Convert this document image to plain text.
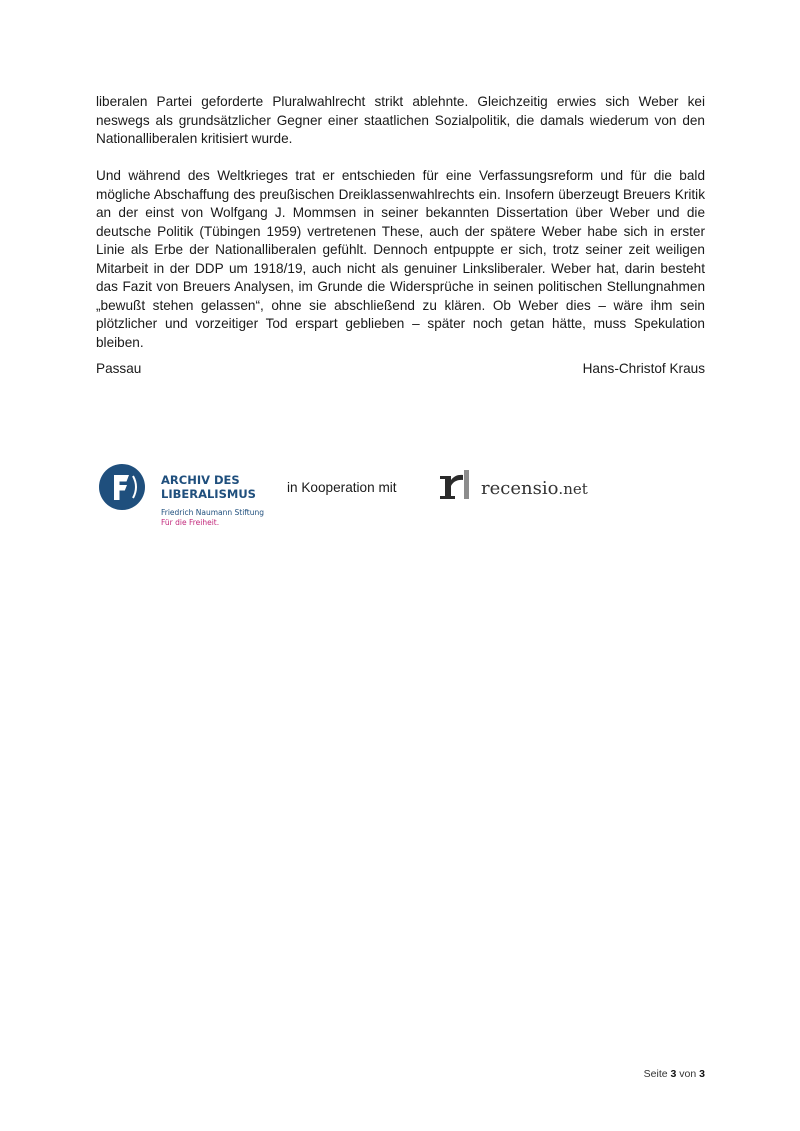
liberalen Partei geforderte Pluralwahlrecht strikt ablehnte. Gleichzeitig erwies sich Weber kei neswegs als grundsätzlicher Gegner einer staatlichen Sozialpolitik, die damals wiederum von den Nationalliberalen kritisiert wurde.

Und während des Weltkrieges trat er entschieden für eine Verfassungsreform und für die bald mögliche Abschaffung des preußischen Dreiklassenwahlrechts ein. Insofern überzeugt Breuers Kritik an der einst von Wolfgang J. Mommsen in seiner bekannten Dissertation über Weber und die deutsche Politik (Tübingen 1959) vertretenen These, auch der spätere Weber habe sich in erster Linie als Erbe der Nationalliberalen gefühlt. Dennoch entpuppte er sich, trotz seiner zeit weiligen Mitarbeit in der DDP um 1918/19, auch nicht als genuiner Linksliberaler. Weber hat, darin besteht das Fazit von Breuers Analysen, im Grunde die Widersprüche in seinen politischen Stellungnahmen „bewußt stehen gelassen“, ohne sie abschließend zu klären. Ob Weber dies – wäre ihm sein plötzlicher und vorzeitiger Tod erspart geblieben – später noch getan hätte, muss Spekulation bleiben.

Passau	Hans-Christof Kraus
ARCHIV DES
LIBERALISMUS
Friedrich Naumann Stiftung
Für die Freiheit.
in Kooperation mit	recensio.net
Seite 3 von 3
